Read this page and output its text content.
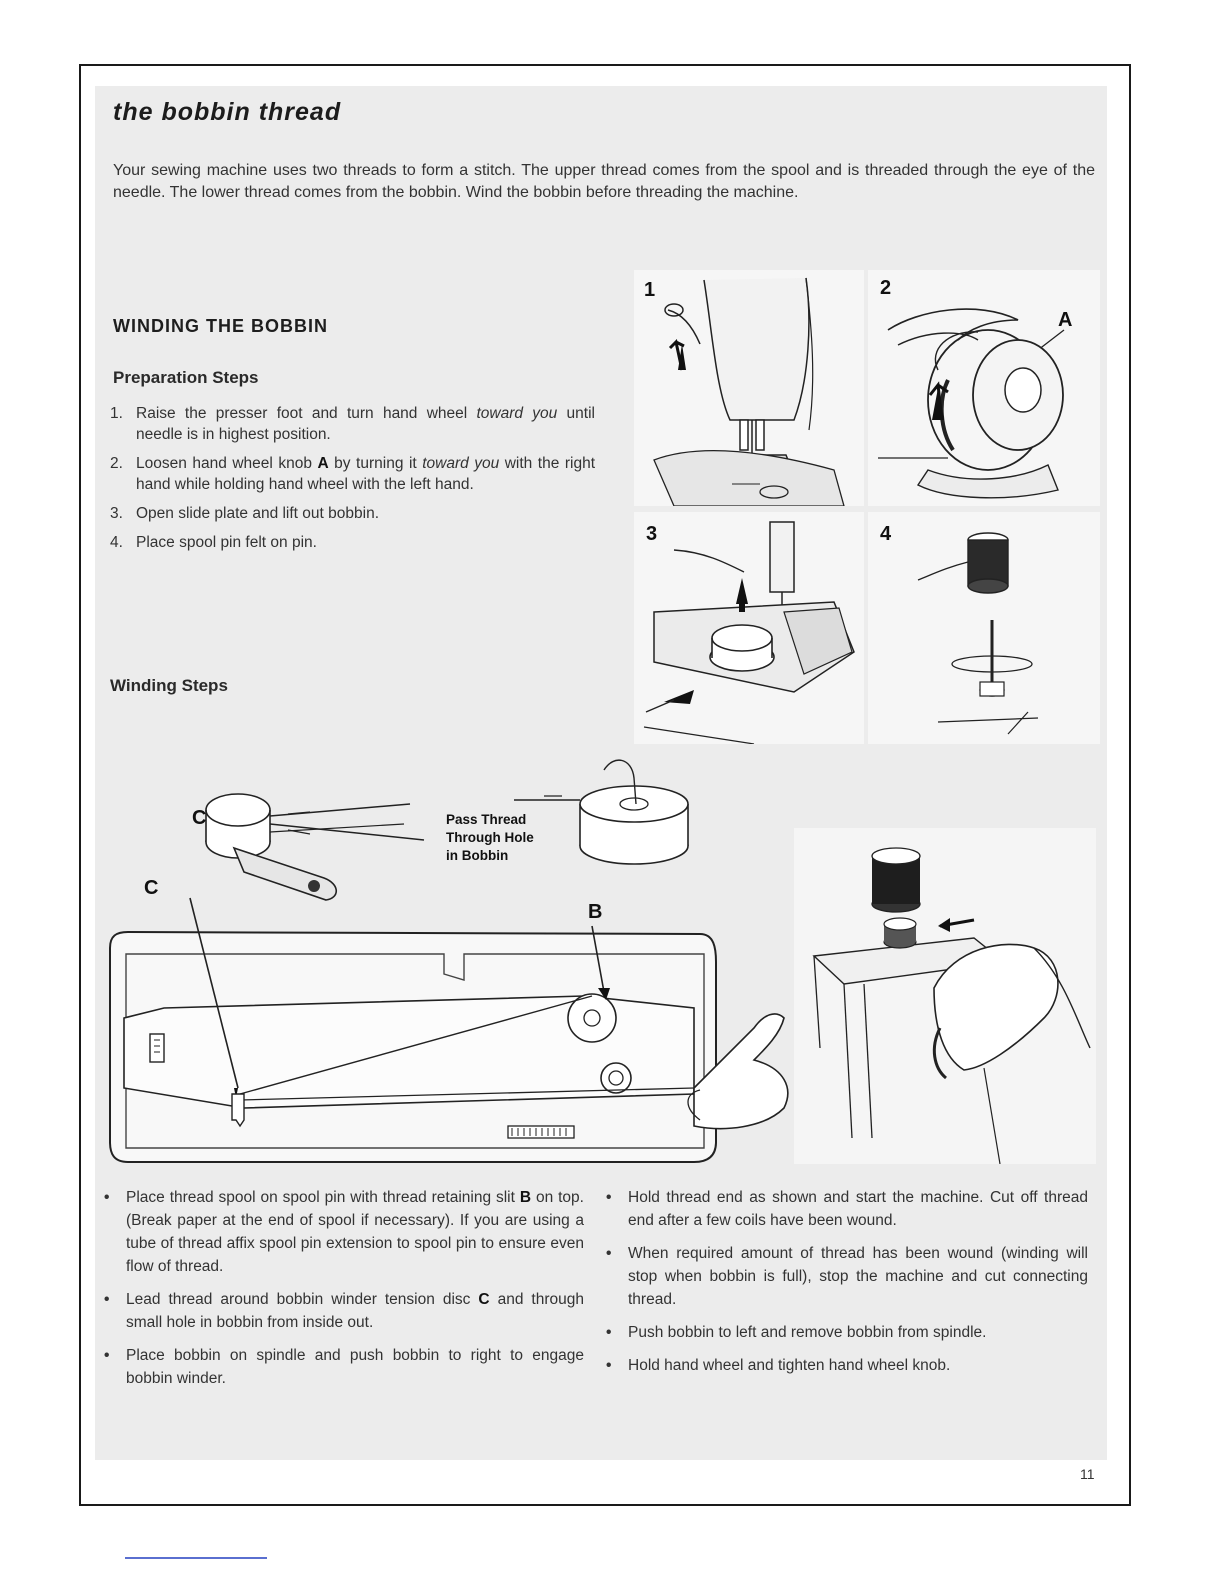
the bobbin thread

Your sewing machine uses two threads to form a stitch. The upper thread comes from the spool and is threaded through the eye of the needle. The lower thread comes from the bobbin. Wind the bobbin before threading the machine.

WINDING THE BOBBIN
Preparation Steps
1. Raise the presser foot and turn hand wheel toward you until needle is in highest position.
2. Loosen hand wheel knob A by turning it toward you with the right hand while holding hand wheel with the left hand.
3. Open slide plate and lift out bobbin.
4. Place spool pin felt on pin.
Winding Steps
1	2
A
3	4
C
C
B
Pass Thread
Through Hole
in Bobbin
• Place thread spool on spool pin with thread retaining slit B on top. (Break paper at the end of spool if necessary). If you are using a tube of thread affix spool pin extension to spool pin to ensure even flow of thread.
• Lead thread around bobbin winder tension disc C and through small hole in bobbin from inside out.
• Place bobbin on spindle and push bobbin to right to engage bobbin winder.
• Hold thread end as shown and start the machine. Cut off thread end after a few coils have been wound.
• When required amount of thread has been wound (winding will stop when bobbin is full), stop the machine and cut connecting thread.
• Push bobbin to left and remove bobbin from spindle.
• Hold hand wheel and tighten hand wheel knob.

11
